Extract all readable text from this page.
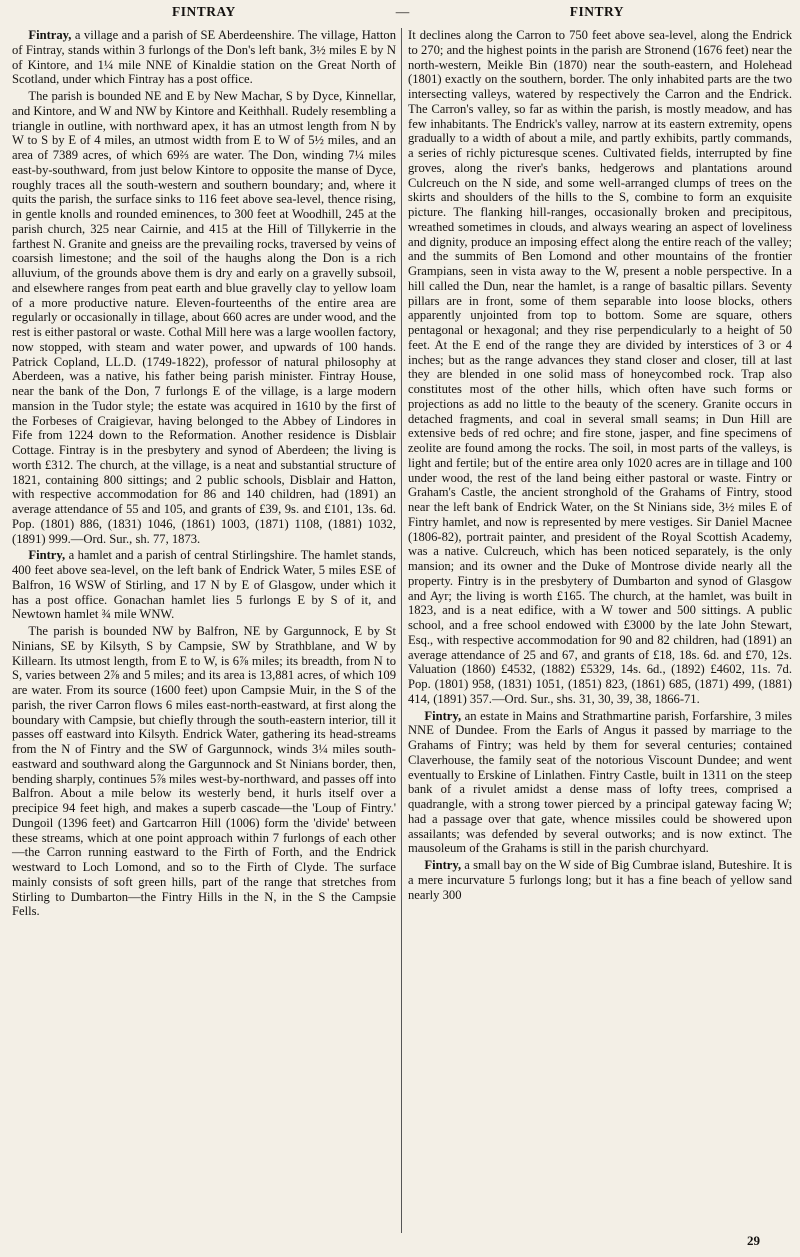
FINTRAY	—	FINTRY

Fintray, a village and a parish of SE Aberdeenshire. The village, Hatton of Fintray, stands within 3 furlongs of the Don's left bank, 3½ miles E by N of Kintore, and 1¼ mile NNE of Kinaldie station on the Great North of Scotland, under which Fintray has a post office.

The parish is bounded NE and E by New Machar, S by Dyce, Kinnellar, and Kintore, and W and NW by Kintore and Keithhall. Rudely resembling a triangle in outline, with northward apex, it has an utmost length from N by W to S by E of 4 miles, an utmost width from E to W of 5½ miles, and an area of 7389 acres, of which 69⅔ are water. The Don, winding 7¼ miles east-by-southward, from just below Kintore to opposite the manse of Dyce, roughly traces all the south-western and southern boundary; and, where it quits the parish, the surface sinks to 116 feet above sea-level, thence rising, in gentle knolls and rounded eminences, to 300 feet at Woodhill, 245 at the parish church, 325 near Cairnie, and 415 at the Hill of Tillykerrie in the farthest N. Granite and gneiss are the prevailing rocks, traversed by veins of coarsish limestone; and the soil of the haughs along the Don is a rich alluvium, of the grounds above them is dry and early on a gravelly subsoil, and elsewhere ranges from peat earth and blue gravelly clay to yellow loam of a more productive nature. Eleven-fourteenths of the entire area are regularly or occasionally in tillage, about 660 acres are under wood, and the rest is either pastoral or waste. Cothal Mill here was a large woollen factory, now stopped, with steam and water power, and upwards of 100 hands. Patrick Copland, LL.D. (1749-1822), professor of natural philosophy at Aberdeen, was a native, his father being parish minister. Fintray House, near the bank of the Don, 7 furlongs E of the village, is a large modern mansion in the Tudor style; the estate was acquired in 1610 by the first of the Forbeses of Craigievar, having belonged to the Abbey of Lindores in Fife from 1224 down to the Reformation. Another residence is Disblair Cottage. Fintray is in the presbytery and synod of Aberdeen; the living is worth £312. The church, at the village, is a neat and substantial structure of 1821, containing 800 sittings; and 2 public schools, Disblair and Hatton, with respective accommodation for 86 and 140 children, had (1891) an average attendance of 55 and 105, and grants of £39, 9s. and £101, 13s. 6d. Pop. (1801) 886, (1831) 1046, (1861) 1003, (1871) 1108, (1881) 1032, (1891) 999.—Ord. Sur., sh. 77, 1873.

Fintry, a hamlet and a parish of central Stirlingshire. The hamlet stands, 400 feet above sea-level, on the left bank of Endrick Water, 5 miles ESE of Balfron, 16 WSW of Stirling, and 17 N by E of Glasgow, under which it has a post office. Gonachan hamlet lies 5 furlongs E by S of it, and Newtown hamlet ¾ mile WNW.

The parish is bounded NW by Balfron, NE by Gargunnock, E by St Ninians, SE by Kilsyth, S by Campsie, SW by Strathblane, and W by Killearn. Its utmost length, from E to W, is 6⅞ miles; its breadth, from N to S, varies between 2⅞ and 5 miles; and its area is 13,881 acres, of which 109 are water. From its source (1600 feet) upon Campsie Muir, in the S of the parish, the river Carron flows 6 miles east-north-eastward, at first along the boundary with Campsie, but chiefly through the south-eastern interior, till it passes off eastward into Kilsyth. Endrick Water, gathering its head-streams from the N of Fintry and the SW of Gargunnock, winds 3¼ miles south-eastward and southward along the Gargunnock and St Ninians border, then, bending sharply, continues 5⅞ miles west-by-northward, and passes off into Balfron. About a mile below its westerly bend, it hurls itself over a precipice 94 feet high, and makes a superb cascade—the 'Loup of Fintry.' Dungoil (1396 feet) and Gartcarron Hill (1006) form the 'divide' between these streams, which at one point approach within 7 furlongs of each other—the Carron running eastward to the Firth of Forth, and the Endrick westward to Loch Lomond, and so to the Firth of Clyde. The surface mainly consists of soft green hills, part of the range that stretches from Stirling to Dumbarton—the Fintry Hills in the N, in the S the Campsie Fells.

It declines along the Carron to 750 feet above sea-level, along the Endrick to 270; and the highest points in the parish are Stronend (1676 feet) near the north-western, Meikle Bin (1870) near the south-eastern, and Holehead (1801) exactly on the southern, border. The only inhabited parts are the two intersecting valleys, watered by respectively the Carron and the Endrick. The Carron's valley, so far as within the parish, is mostly meadow, and has few inhabitants. The Endrick's valley, narrow at its eastern extremity, opens gradually to a width of about a mile, and partly exhibits, partly commands, a series of richly picturesque scenes. Cultivated fields, interrupted by fine groves, along the river's banks, hedgerows and plantations around Culcreuch on the N side, and some well-arranged clumps of trees on the skirts and shoulders of the hills to the S, combine to form an exquisite picture. The flanking hill-ranges, occasionally broken and precipitous, wreathed sometimes in clouds, and always wearing an aspect of loveliness and dignity, produce an imposing effect along the entire reach of the valley; and the summits of Ben Lomond and other mountains of the frontier Grampians, seen in vista away to the W, present a noble perspective. In a hill called the Dun, near the hamlet, is a range of basaltic pillars. Seventy pillars are in front, some of them separable into loose blocks, others apparently unjointed from top to bottom. Some are square, others pentagonal or hexagonal; and they rise perpendicularly to a height of 50 feet. At the E end of the range they are divided by interstices of 3 or 4 inches; but as the range advances they stand closer and closer, till at last they are blended in one solid mass of honeycombed rock. Trap also constitutes most of the other hills, which often have such forms or projections as add no little to the beauty of the scenery. Granite occurs in detached fragments, and coal in several small seams; in Dun Hill are extensive beds of red ochre; and fire stone, jasper, and fine specimens of zeolite are found among the rocks. The soil, in most parts of the valleys, is light and fertile; but of the entire area only 1020 acres are in tillage and 100 under wood, the rest of the land being either pastoral or waste. Fintry or Graham's Castle, the ancient stronghold of the Grahams of Fintry, stood near the left bank of Endrick Water, on the St Ninians side, 3½ miles E of Fintry hamlet, and now is represented by mere vestiges. Sir Daniel Macnee (1806-82), portrait painter, and president of the Royal Scottish Academy, was a native. Culcreuch, which has been noticed separately, is the only mansion; and its owner and the Duke of Montrose divide nearly all the property. Fintry is in the presbytery of Dumbarton and synod of Glasgow and Ayr; the living is worth £165. The church, at the hamlet, was built in 1823, and is a neat edifice, with a W tower and 500 sittings. A public school, and a free school endowed with £3000 by the late John Stewart, Esq., with respective accommodation for 90 and 82 children, had (1891) an average attendance of 25 and 67, and grants of £18, 18s. 6d. and £70, 12s. Valuation (1860) £4532, (1882) £5329, 14s. 6d., (1892) £4602, 11s. 7d. Pop. (1801) 958, (1831) 1051, (1851) 823, (1861) 685, (1871) 499, (1881) 414, (1891) 357.—Ord. Sur., shs. 31, 30, 39, 38, 1866-71.

Fintry, an estate in Mains and Strathmartine parish, Forfarshire, 3 miles NNE of Dundee. From the Earls of Angus it passed by marriage to the Grahams of Fintry; was held by them for several centuries; contained Claverhouse, the family seat of the notorious Viscount Dundee; and went eventually to Erskine of Linlathen. Fintry Castle, built in 1311 on the steep bank of a rivulet amidst a dense mass of lofty trees, comprised a quadrangle, with a strong tower pierced by a principal gateway facing W; had a passage over that gate, whence missiles could be showered upon assailants; was defended by several outworks; and is now extinct. The mausoleum of the Grahams is still in the parish churchyard.

Fintry, a small bay on the W side of Big Cumbrae island, Buteshire. It is a mere incurvature 5 furlongs long; but it has a fine beach of yellow sand nearly 300

29
